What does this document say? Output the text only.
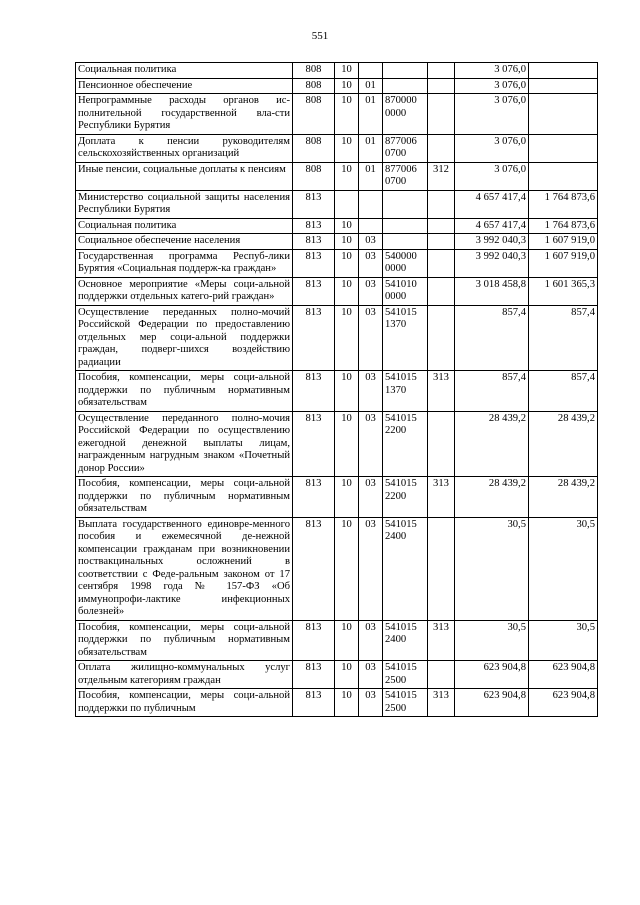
551
Социальная политика	808	10				3 076,0	
Пенсионное обеспечение	808	10	01			3 076,0	
Непрограммные расходы органов ис-полнительной государственной вла-сти Республики Бурятия	808	10	01	870000 0000		3 076,0	
Доплата к пенсии руководителям сельскохозяйственных организаций	808	10	01	877006 0700		3 076,0	
Иные пенсии, социальные доплаты к пенсиям	808	10	01	877006 0700	312	3 076,0	
Министерство социальной защиты населения Республики Бурятия	813					4 657 417,4	1 764 873,6
Социальная политика	813	10				4 657 417,4	1 764 873,6
Социальное обеспечение населения	813	10	03			3 992 040,3	1 607 919,0
Государственная программа Респуб-лики Бурятия «Социальная поддерж-ка граждан»	813	10	03	540000 0000		3 992 040,3	1 607 919,0
Основное мероприятие «Меры соци-альной поддержки отдельных катего-рий граждан»	813	10	03	541010 0000		3 018 458,8	1 601 365,3
Осуществление переданных полно-мочий Российской Федерации по предоставлению отдельных мер соци-альной поддержки граждан, подверг-шихся воздействию радиации	813	10	03	541015 1370		857,4	857,4
Пособия, компенсации, меры соци-альной поддержки по публичным нормативным обязательствам	813	10	03	541015 1370	313	857,4	857,4
Осуществление переданного полно-мочия Российской Федерации по осуществлению ежегодной денежной выплаты лицам, награжденным нагрудным знаком «Почетный донор России»	813	10	03	541015 2200		28 439,2	28 439,2
Пособия, компенсации, меры соци-альной поддержки по публичным нормативным обязательствам	813	10	03	541015 2200	313	28 439,2	28 439,2
Выплата государственного единовре-менного пособия и ежемесячной де-нежной компенсации гражданам при возникновении поствакцинальных осложнений в соответствии с Феде-ральным законом от 17 сентября 1998 года № 157-ФЗ «Об иммунопрофи-лактике инфекционных болезней»	813	10	03	541015 2400		30,5	30,5
Пособия, компенсации, меры соци-альной поддержки по публичным нормативным обязательствам	813	10	03	541015 2400	313	30,5	30,5
Оплата жилищно-коммунальных услуг отдельным категориям граждан	813	10	03	541015 2500		623 904,8	623 904,8
Пособия, компенсации, меры соци-альной поддержки по публичным	813	10	03	541015 2500	313	623 904,8	623 904,8
